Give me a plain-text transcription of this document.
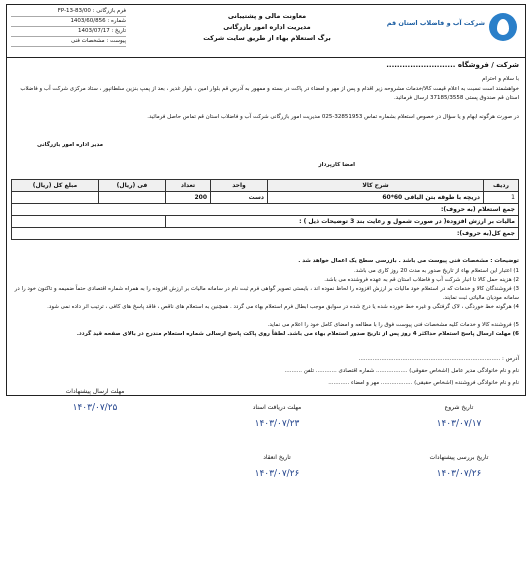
شرکت آب و فاضلاب استان قم
معاونت مالی و پشتیبانی
مدیریت اداره امور بازرگانی
برگ استعلام بهاء از طریق سایت شرکت
فرم بازرگانی : FP-13-83/00
شماره : 1403/60/856
تاریخ : 1403/07/17
پیوست : مشخصات فنی
شرکت / فروشگاه ..........................
با سلام و احترام
خواهشمند است نسبت به اعلام قیمت کالا/خدمات مشروحه زیر اقدام و پس از مهر و امضاء در پاکت در بسته و ممهور به آدرس قم بلوار امین ، بلوار غدیر ، بعد از پمپ بنزین سلطانپور ، ستاد مرکزی شرکت آب و فاضلاب استان قم صندوق پستی 37185/3558 ارسال فرمائید.
در صورت هرگونه ابهام و یا سؤال در خصوص استعلام بشماره تماس 32851953-025 مدیریت امور بازرگانی شرکت آب و فاضلاب استان قم تماس حاصل فرمائید.
مدیر اداره امور بازرگانی
امضا کارپرداز
ردیف	شرح کالا	واحد	تعداد	فی (ریال)	مبلغ کل (ریال)
1	دریچه با طوقه بتن الیافی 60*60	دست	200		
جمع استعلام (به حروف):					
مالیات بر ارزش افزوده( در صورت شمول و رعایت بند 3 توضیحات ذیل ) :					
جمع کل(به حروف):					
توضیحات : مشخصات فنی پیوست می باشد . بازرسی سطح یک اعمال خواهد شد .
1) اعتبار این استعلام بهاء از تاریخ صدور به مدت 20 روز کاری می باشد.
2) هزینه حمل کالا تا انبار شرکت آب و فاضلاب استان قم به عهده فروشنده می باشد.
3) فروشندگان کالا و خدمات که در استعلام خود مالیات بر ارزش افزوده را لحاظ نموده اند ، بایستی تصویر گواهی فرم ثبت نام در سامانه مالیات بر ارزش افزوده را به همراه شماره اقتصادی حتماً ضمیمه و تاکنون خود را در سامانه مودیان مالیاتی ثبت نمایند.
4) هرگونه خط خوردگی ، لاک گرفتگی و غیره خط خورده شده یا درج شده در سوابق موجب ابطال فرم استعلام بهاء می گردد . همچنین به استعلام های ناقص ، فاقد پاسخ های کافی ، ترتیب اثر داده نمی شود.
5) فروشنده کالا و خدمات کلیه مشخصات فنی پیوست فوق را با مطالعه و امضای کامل خود را اعلام می نماید.
6) مهلت ارسال پاسخ استعلام حداکثر 4 روز پس از تاریخ صدور استعلام بهاء می باشد. لطفاً روی پاکت پاسخ ارسالی شماره استعلام مندرج در بالای صفحه قید گردد.
آدرس : .................................................................................
نام و نام خانوادگی مدیر عامل (اشخاص حقوقی) .................. شماره اقتصادی ............ تلفن ..........
نام و نام خانوادگی فروشنده (اشخاص حقیقی) .................. مهر و امضاء ............
تاریخ شروع
۱۴۰۳/۰۷/۱۷
مهلت دریافت اسناد
۱۴۰۳/۰۷/۲۳
مهلت ارسال پیشنهادات
۱۴۰۳/۰۷/۲۵
تاریخ بررسی پیشنهادات
۱۴۰۳/۰۷/۲۶
تاریخ انعقاد
۱۴۰۳/۰۷/۲۶
